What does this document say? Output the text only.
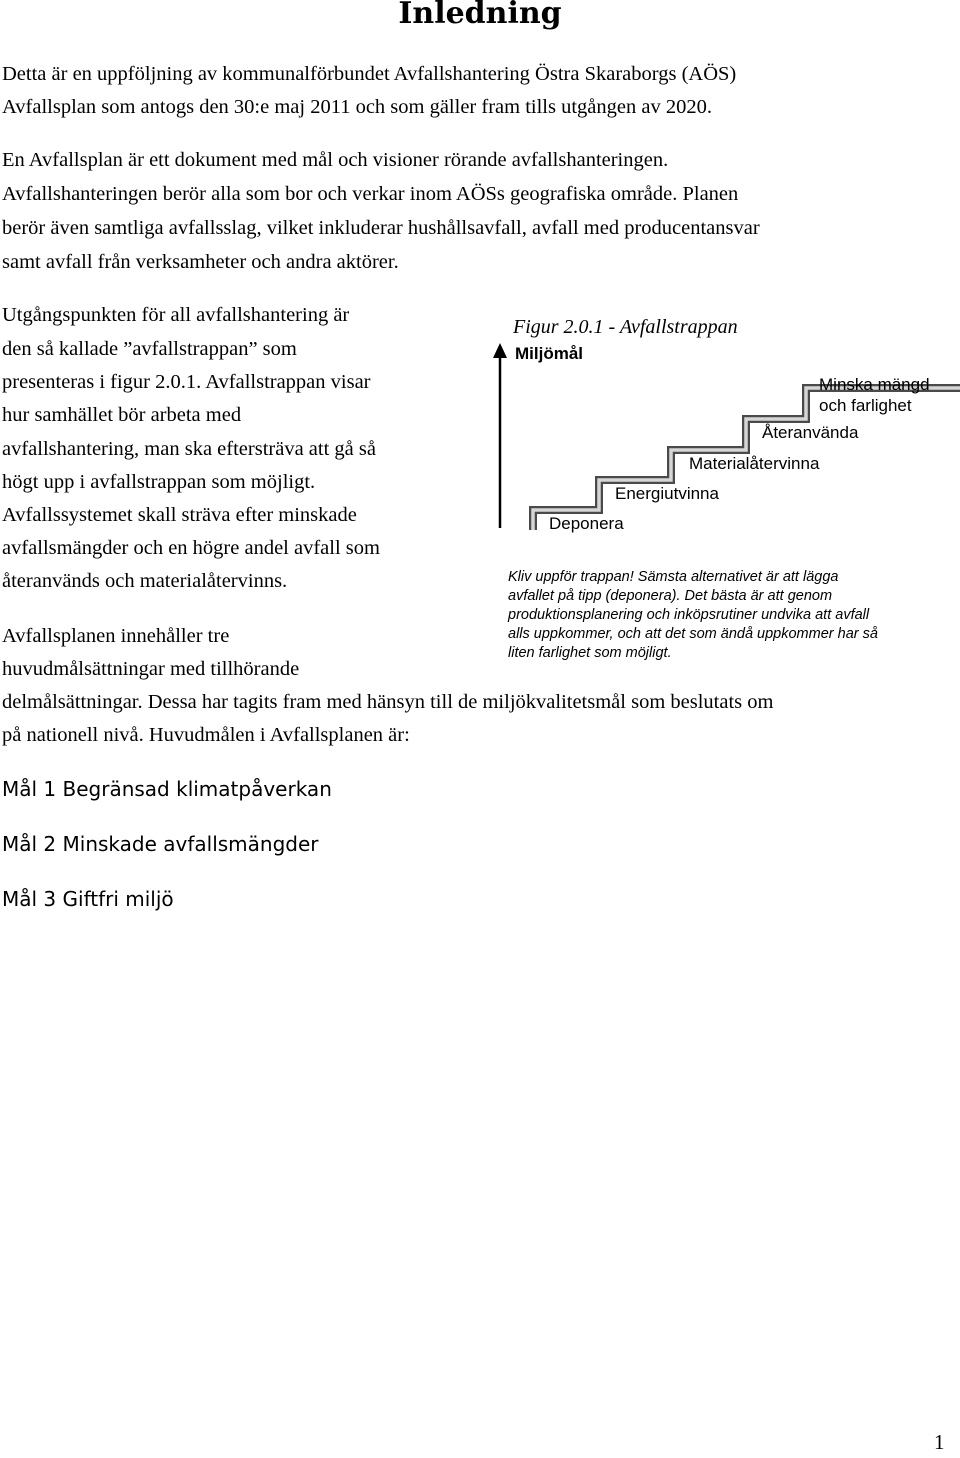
Inledning
Detta är en uppföljning av kommunalförbundet Avfallshantering Östra Skaraborgs (AÖS)
Avfallsplan som antogs den 30:e maj 2011 och som gäller fram tills utgången av 2020.
En Avfallsplan är ett dokument med mål och visioner rörande avfallshanteringen.
Avfallshanteringen berör alla som bor och verkar inom AÖSs geografiska område. Planen
berör även samtliga avfallsslag, vilket inkluderar hushållsavfall, avfall med producentansvar
samt avfall från verksamheter och andra aktörer.
Utgångspunkten för all avfallshantering är
den så kallade ”avfallstrappan” som
presenteras i figur 2.0.1. Avfallstrappan visar
hur samhället bör arbeta med
avfallshantering, man ska eftersträva att gå så
högt upp i avfallstrappan som möjligt.
Avfallssystemet skall sträva efter minskade
avfallsmängder och en högre andel avfall som
återanvänds och materialåtervinns.
Avfallsplanen innehåller tre
huvudmålsättningar med tillhörande
delmålsättningar. Dessa har tagits fram med hänsyn till de miljökvalitetsmål som beslutats om
på nationell nivå. Huvudmålen i Avfallsplanen är:
Mål 1 Begränsad klimatpåverkan
Mål 2 Minskade avfallsmängder
Mål 3 Giftfri miljö
Figur 2.0.1 - Avfallstrappan
Miljömål
Deponera
Energiutvinna
Materialåtervinna
Återanvända
Minska mängd
och farlighet
Kliv uppför trappan! Sämsta alternativet är att lägga
avfallet på tipp (deponera). Det bästa är att genom
produktionsplanering och inköpsrutiner undvika att avfall
alls uppkommer, och att det som ändå uppkommer har så
liten farlighet som möjligt.
1
